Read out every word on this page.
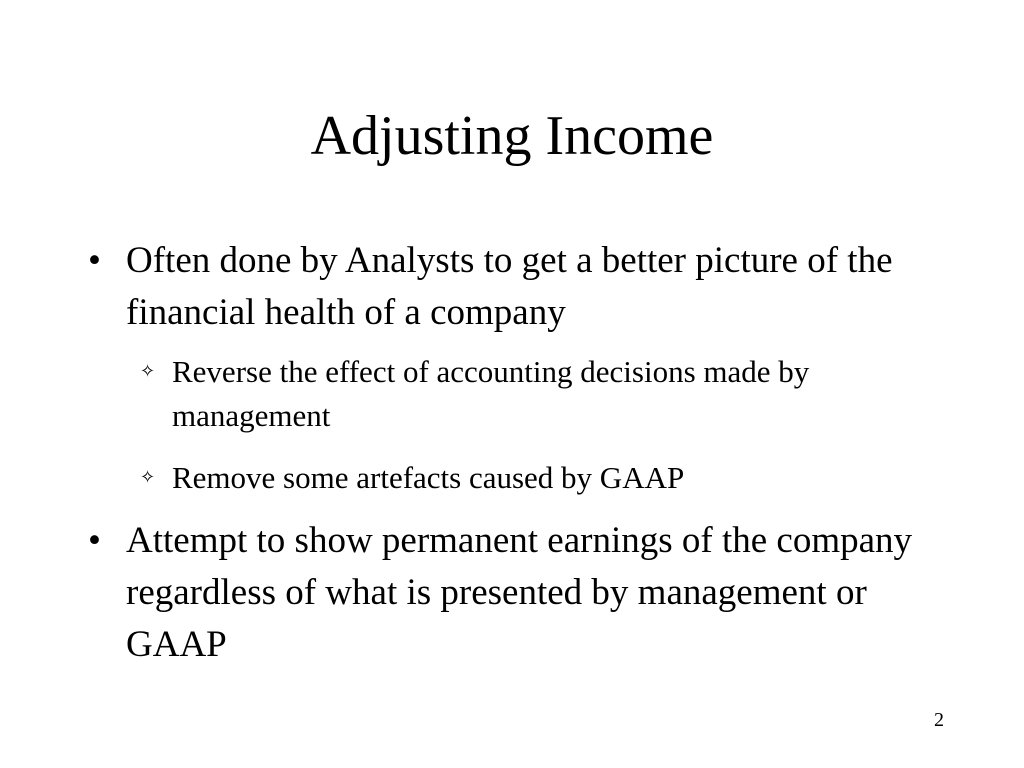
Adjusting Income
• Often done by Analysts to get a better picture of the financial health of a company
✧ Reverse the effect of accounting decisions made by management
✧ Remove some artefacts caused by GAAP
• Attempt to show permanent earnings of the company regardless of what is presented by management or GAAP
2
